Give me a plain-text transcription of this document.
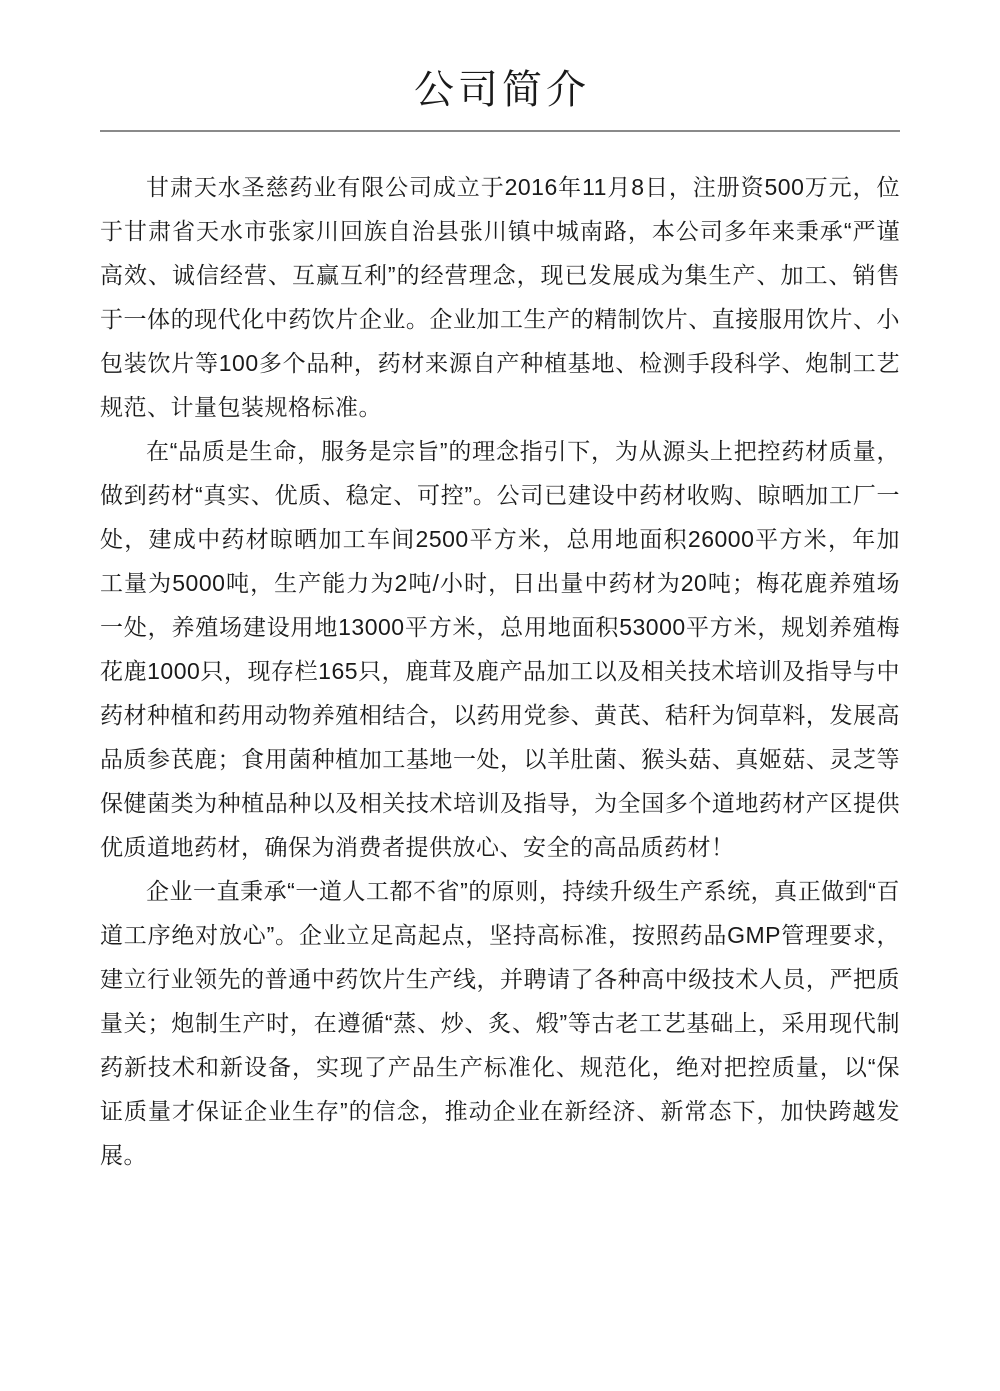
公司简介

甘肃天水圣慈药业有限公司成立于2016年11月8日，注册资500万元，位于甘肃省天水市张家川回族自治县张川镇中城南路，本公司多年来秉承“严谨高效、诚信经营、互赢互利”的经营理念，现已发展成为集生产、加工、销售于一体的现代化中药饮片企业。企业加工生产的精制饮片、直接服用饮片、小包装饮片等100多个品种，药材来源自产种植基地、检测手段科学、炮制工艺规范、计量包装规格标准。

在“品质是生命，服务是宗旨”的理念指引下，为从源头上把控药材质量，做到药材“真实、优质、稳定、可控”。公司已建设中药材收购、晾晒加工厂一处，建成中药材晾晒加工车间2500平方米，总用地面积26000平方米，年加工量为5000吨，生产能力为2吨/小时，日出量中药材为20吨；梅花鹿养殖场一处，养殖场建设用地13000平方米，总用地面积53000平方米，规划养殖梅花鹿1000只，现存栏165只，鹿茸及鹿产品加工以及相关技术培训及指导与中药材种植和药用动物养殖相结合，以药用党参、黄芪、秸秆为饲草料，发展高品质参芪鹿；食用菌种植加工基地一处，以羊肚菌、猴头菇、真姬菇、灵芝等保健菌类为种植品种以及相关技术培训及指导，为全国多个道地药材产区提供优质道地药材，确保为消费者提供放心、安全的高品质药材！

企业一直秉承“一道人工都不省”的原则，持续升级生产系统，真正做到“百道工序绝对放心”。企业立足高起点，坚持高标准，按照药品GMP管理要求，建立行业领先的普通中药饮片生产线，并聘请了各种高中级技术人员，严把质量关；炮制生产时，在遵循“蒸、炒、炙、煅”等古老工艺基础上，采用现代制药新技术和新设备，实现了产品生产标准化、规范化，绝对把控质量，以“保证质量才保证企业生存”的信念，推动企业在新经济、新常态下，加快跨越发展。
